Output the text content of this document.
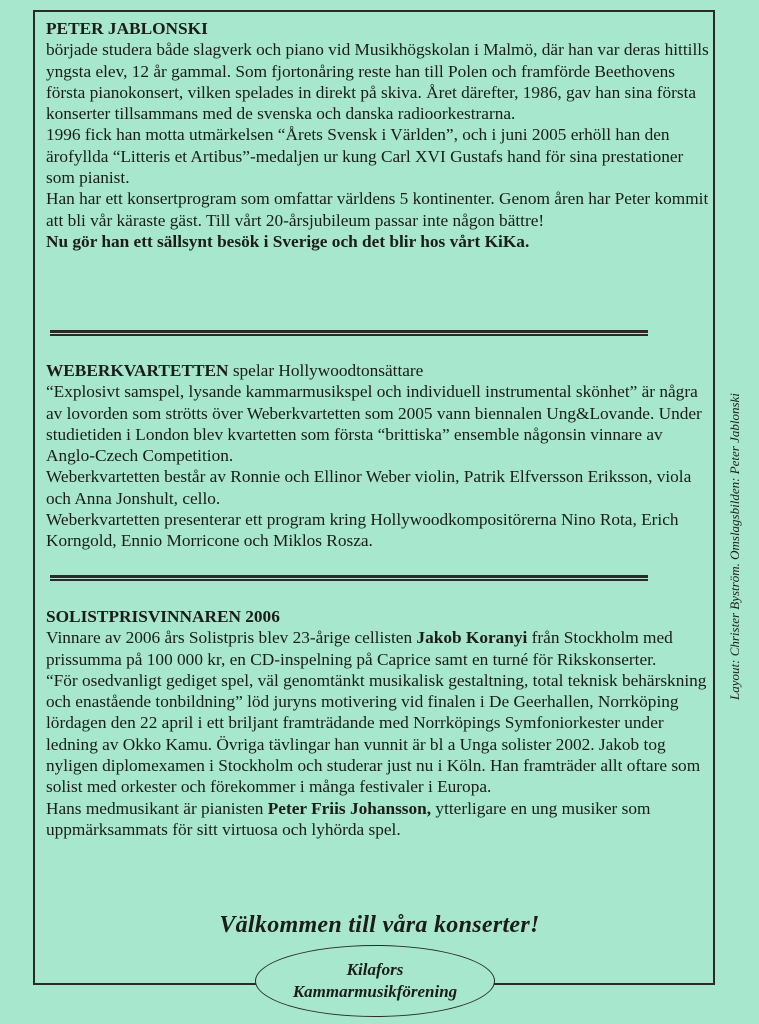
PETER JABLONSKI

började studera både slagverk och piano vid Musikhögskolan i Malmö, där han var deras hittills yngsta elev, 12 år gammal. Som fjortonåring reste han till Polen och framförde Beethovens första pianokonsert, vilken spelades in direkt på skiva. Året därefter, 1986, gav han sina första konserter tillsammans med de svenska och danska radioorkestrarna.

1996 fick han motta utmärkelsen “Årets Svensk i Världen”, och i juni 2005 erhöll han den ärofyllda “Litteris et Artibus”-medaljen ur kung Carl XVI Gustafs hand för sina prestationer som pianist.

Han har ett konsertprogram som omfattar världens 5 kontinenter. Genom åren har Peter kommit att bli vår käraste gäst. Till vårt 20-årsjubileum passar inte någon bättre!

Nu gör han ett sällsynt besök i Sverige och det blir hos vårt KiKa.

WEBERKVARTETTEN spelar Hollywoodtonsättare

“Explosivt samspel, lysande kammarmusikspel och individuell instrumental skönhet” är några av lovorden som strötts över Weberkvartetten som 2005 vann biennalen Ung&Lovande. Under studietiden i London blev kvartetten som första “brittiska” ensemble någonsin vinnare av Anglo-Czech Competition.

Weberkvartetten består av Ronnie och Ellinor Weber violin, Patrik Elfversson Eriksson, viola och Anna Jonshult, cello.

Weberkvartetten presenterar ett program kring Hollywoodkompositörerna Nino Rota, Erich Korngold, Ennio Morricone och Miklos Rosza.

SOLISTPRISVINNAREN 2006

Vinnare av 2006 års Solistpris blev 23-årige cellisten Jakob Koranyi från Stockholm med prissumma på 100 000 kr, en CD-inspelning på Caprice samt en turné för Rikskonserter.

“För osedvanligt gediget spel, väl genomtänkt musikalisk gestaltning, total teknisk behärskning och enastående tonbildning” löd juryns motivering vid finalen i De Geerhallen, Norrköping lördagen den 22 april i ett briljant framträdande med Norrköpings Symfoniorkester under ledning av Okko Kamu. Övriga tävlingar han vunnit är bl a Unga solister 2002. Jakob tog nyligen diplomexamen i Stockholm och studerar just nu i Köln. Han framträder allt oftare som solist med orkester och förekommer i många festivaler i Europa.

Hans medmusikant är pianisten Peter Friis Johansson, ytterligare en ung musiker som uppmärksammats för sitt virtuosa och lyhörda spel.

Välkommen till våra konserter!
Kilafors
Kammarmusikförening
Layout: Christer Byström. Omslagsbilden: Peter Jablonski
